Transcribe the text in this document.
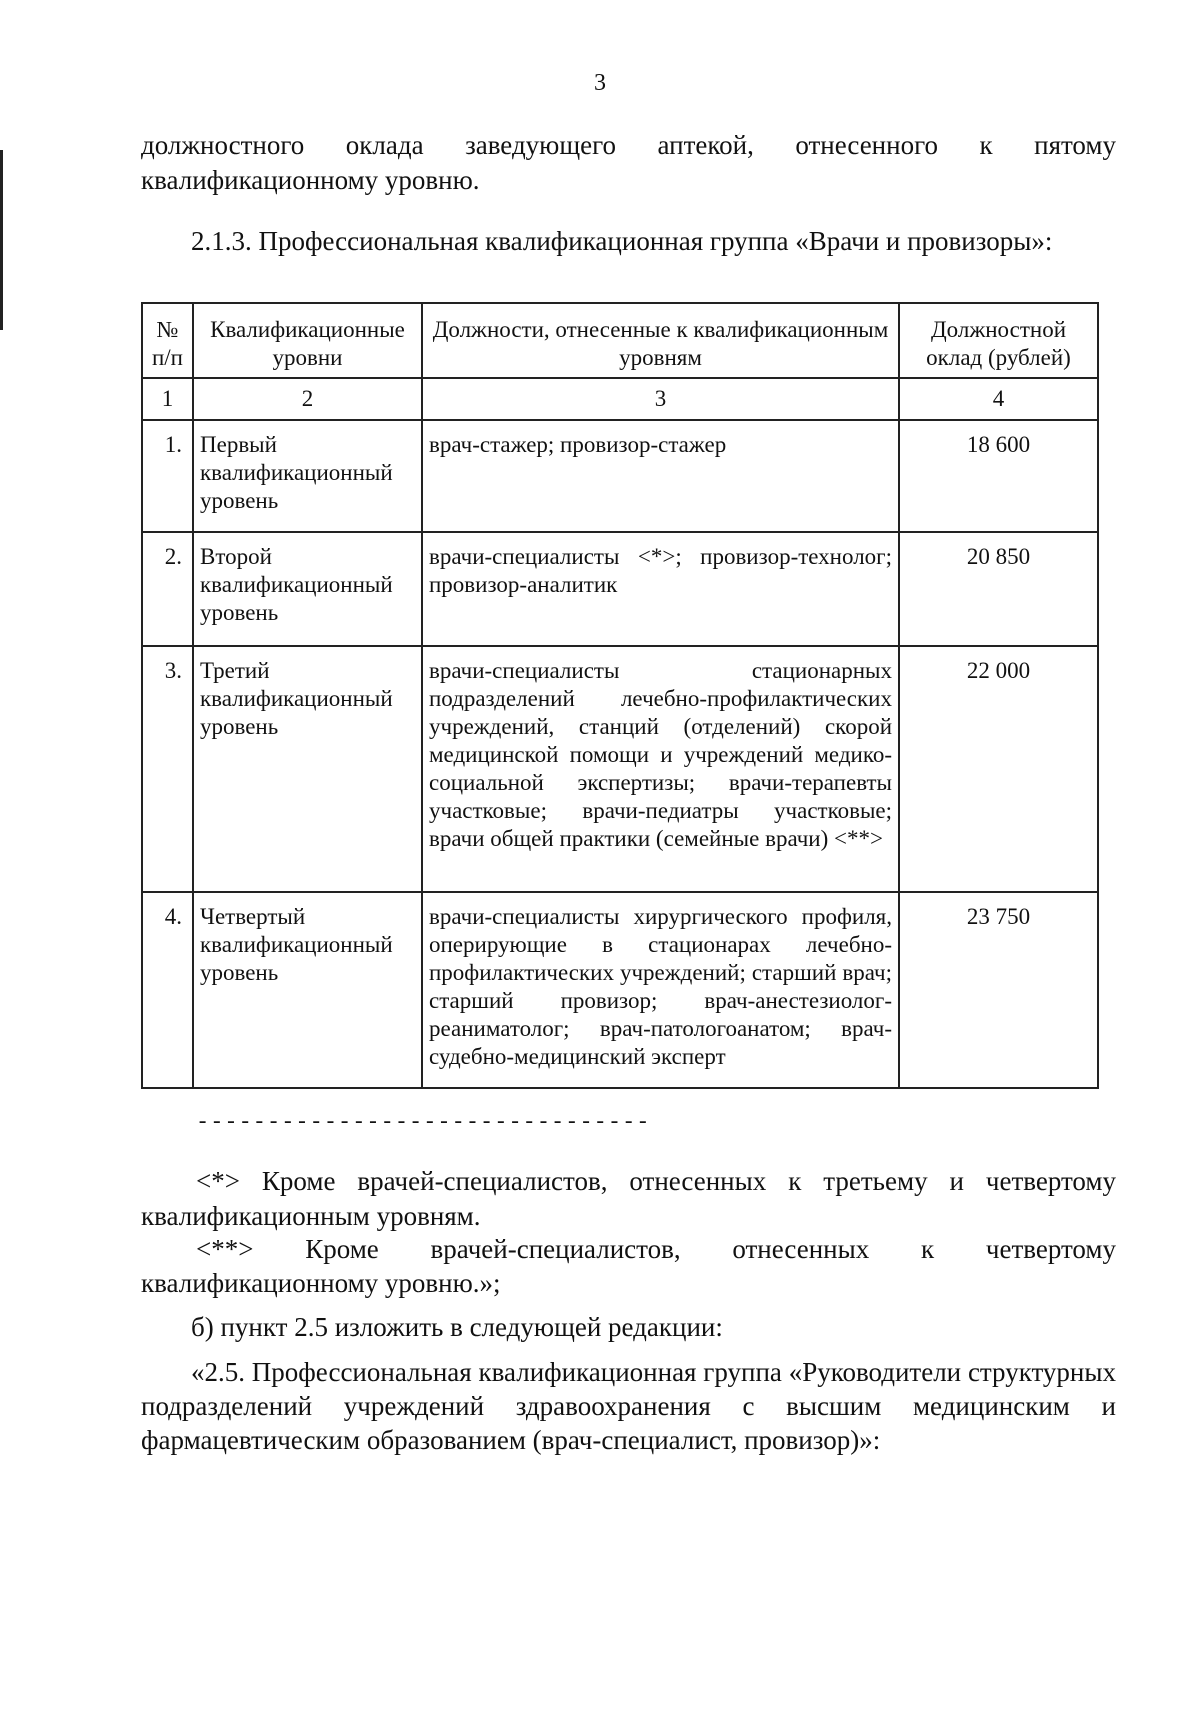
3
должностного оклада заведующего аптекой, отнесенного к пятому
квалификационному уровню.
2.1.3. Профессиональная квалификационная группа «Врачи и провизоры»:
№ п/п	Квалификационные уровни	Должности, отнесенные к квалификационным уровням	Должностной оклад (рублей)
1	2	3	4
1.	Первый квалификационный уровень	врач-стажер; провизор-стажер	18 600
2.	Второй квалификационный уровень	врачи-специалисты <*>; провизор-технолог; провизор-аналитик	20 850
3.	Третий квалификационный уровень	врачи-специалисты стационарных подразделений лечебно-профилактических учреждений, станций (отделений) скорой медицинской помощи и учреждений медико-социальной экспертизы; врачи-терапевты участковые; врачи-педиатры участковые; врачи общей практики (семейные врачи) <**>	22 000
4.	Четвертый квалификационный уровень	врачи-специалисты хирургического профиля, оперирующие в стационарах лечебно-профилактических учреждений; старший врач; старший провизор; врач-анестезиолог-реаниматолог; врач-патологоанатом; врач-судебно-медицинский эксперт	23 750
--------------------------------
<*> Кроме врачей-специалистов, отнесенных к третьему и четвертому
квалификационным уровням.
<**> Кроме врачей-специалистов, отнесенных к четвертому
квалификационному уровню.»;
б) пункт 2.5 изложить в следующей редакции:
«2.5. Профессиональная квалификационная группа «Руководители структурных подразделений учреждений здравоохранения с высшим медицинским и фармацевтическим образованием (врач-специалист, провизор)»:
